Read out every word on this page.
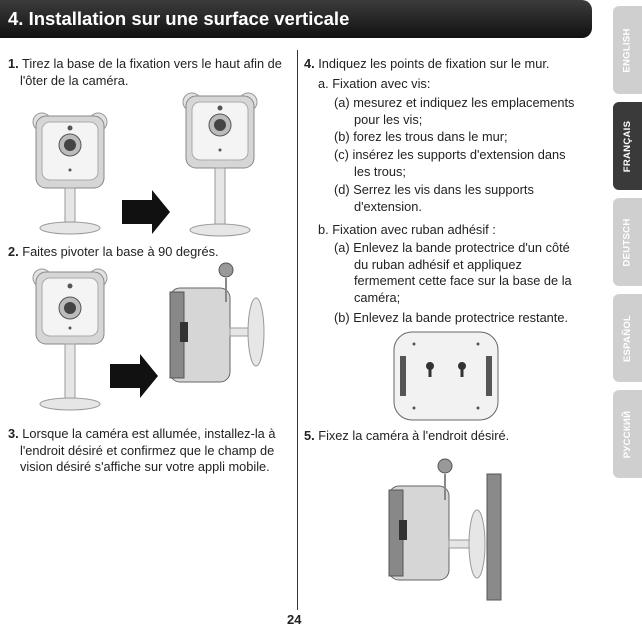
4. Installation sur une surface verticale
1. Tirez la base de la fixation vers le haut afin de
l'ôter de la caméra.
2. Faites pivoter la base à 90 degrés.
3. Lorsque la caméra est allumée, installez-la à
l'endroit désiré et confirmez que le champ de
vision désiré s'affiche sur votre appli mobile.
4. Indiquez les points de fixation sur le mur.
a. Fixation avec vis:
(a) mesurez et indiquez les emplacements
pour les vis;
(b) forez les trous dans le mur;
(c) insérez les supports d'extension dans
les trous;
(d) Serrez les vis dans les supports
d'extension.
b. Fixation avec ruban adhésif :
(a) Enlevez la bande protectrice d'un côté
du ruban adhésif et appliquez
fermement cette face sur la base de la
caméra;
(b) Enlevez la bande protectrice restante.
5. Fixez la caméra à l'endroit désiré.
24
ENGLISH
FRANÇAIS
DEUTSCH
ESPAÑOL
РУССКИЙ
